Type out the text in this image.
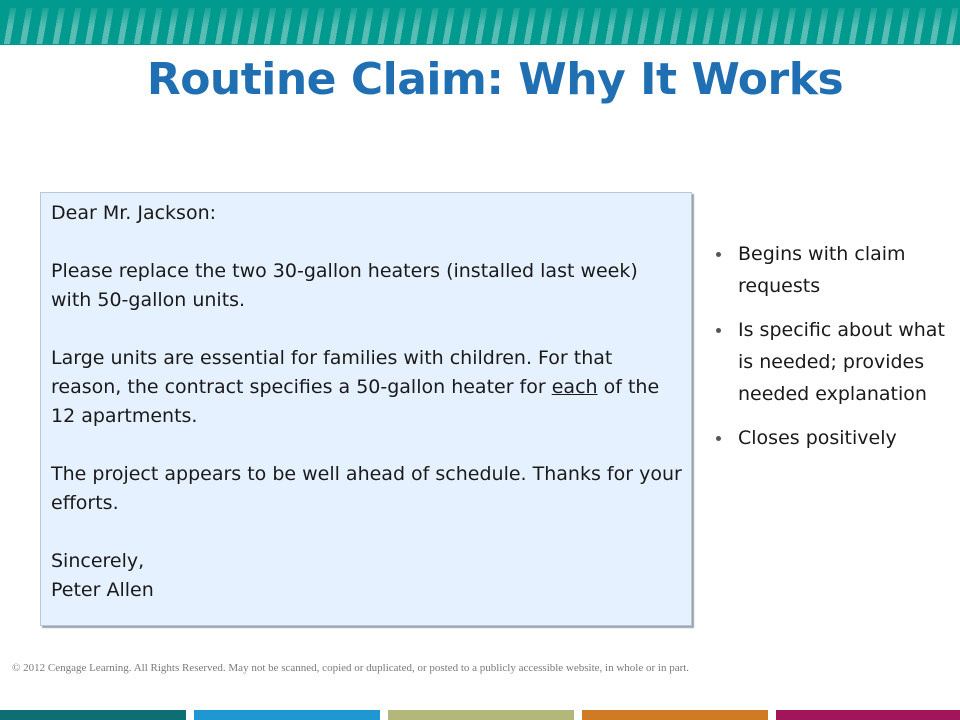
Routine Claim: Why It Works

Dear Mr. Jackson:

Please replace the two 30-gallon heaters (installed last week) with 50-gallon units.

Large units are essential for families with children. For that reason, the contract specifies a 50-gallon heater for each of the 12 apartments.

The project appears to be well ahead of schedule. Thanks for your efforts.

Sincerely,

Peter Allen

Begins with claim requests
Is specific about what is needed; provides needed explanation
Closes positively
© 2012 Cengage Learning. All Rights Reserved. May not be scanned, copied or duplicated, or posted to a publicly accessible website, in whole or in part.
